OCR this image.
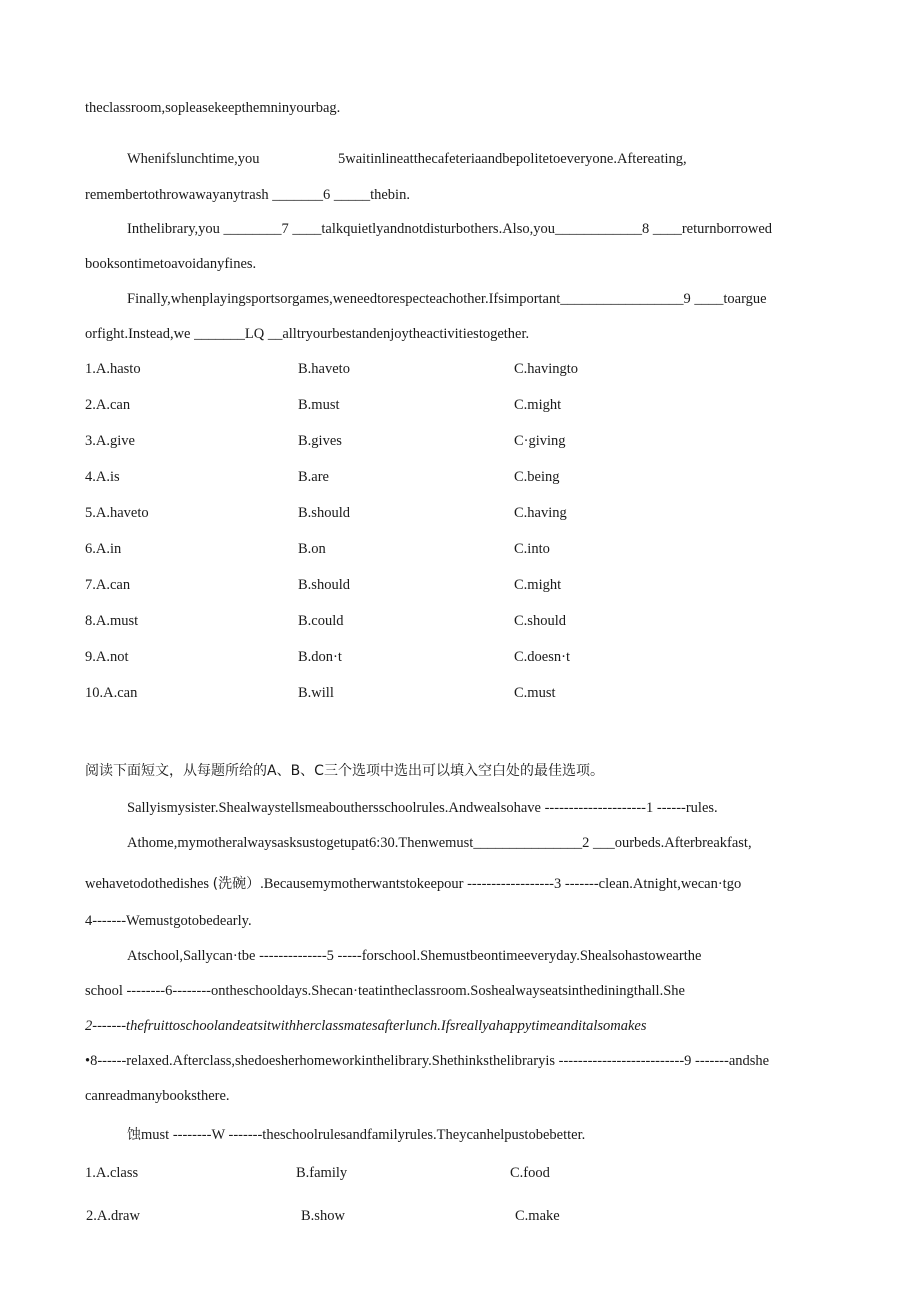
theclassroom,sopleasekeepthemninyourbag.
Whenifslunchtime,you	5waitinlineatthecafeteriaandbepolitetoeveryone.Aftereating,
remembertothrowawayanytrash _______6 _____thebin.
Inthelibrary,you ________7 ____talkquietlyandnotdisturbothers.Also,you____________8 ____returnborrowed
booksontimetoavoidanyfines.
Finally,whenplayingsportsorgames,weneedtorespecteachother.Ifsimportant_________________9 ____toargue
orfight.Instead,we _______LQ __alltryourbestandenjoytheactivitiestogether.
1.A.hasto	B.haveto	C.havingto
2.A.can	B.must	C.might
3.A.give	B.gives	C·giving
4.A.is	B.are	C.being
5.A.haveto	B.should	C.having
6.A.in	B.on	C.into
7.A.can	B.should	C.might
8.A.must	B.could	C.should
9.A.not	B.don·t	C.doesn·t
10.A.can	B.will	C.must
阅读下面短文，从每题所给的A、B、C三个选项中选出可以填入空白处的最佳选项。
Sallyismysister.Shealwaystellsmeabouthersschoolrules.Andwealsohave ---------------------1 ------rules.
Athome,mymotheralwaysasksustogetupat6:30.Thenwemust_______________2 ___ourbeds.Afterbreakfast,
wehavetodothedishes (洗碗）.Becausemymotherwantstokeepour ------------------3 -------clean.Atnight,wecan·tgo
4-------Wemustgotobedearly.
Atschool,Sallycan·tbe --------------5 -----forschool.Shemustbeontimeeveryday.Shealsohastowearthe
school --------6--------ontheschooldays.Shecan·teatintheclassroom.Soshealwayseatsinthediningthall.She
2-------thefruittoschoolandeatsitwithherclassmatesafterlunch.Ifsreallyahappytimeanditalsomakes
•8------relaxed.Afterclass,shedoesherhomeworkinthelibrary.Shethinksthelibraryis --------------------------9 -------andshe
canreadmanybooksthere.
蚀must --------W -------theschoolrulesandfamilyrules.Theycanhelpustobebetter.
1.A.class	B.family	C.food
2.A.draw	B.show	C.make
